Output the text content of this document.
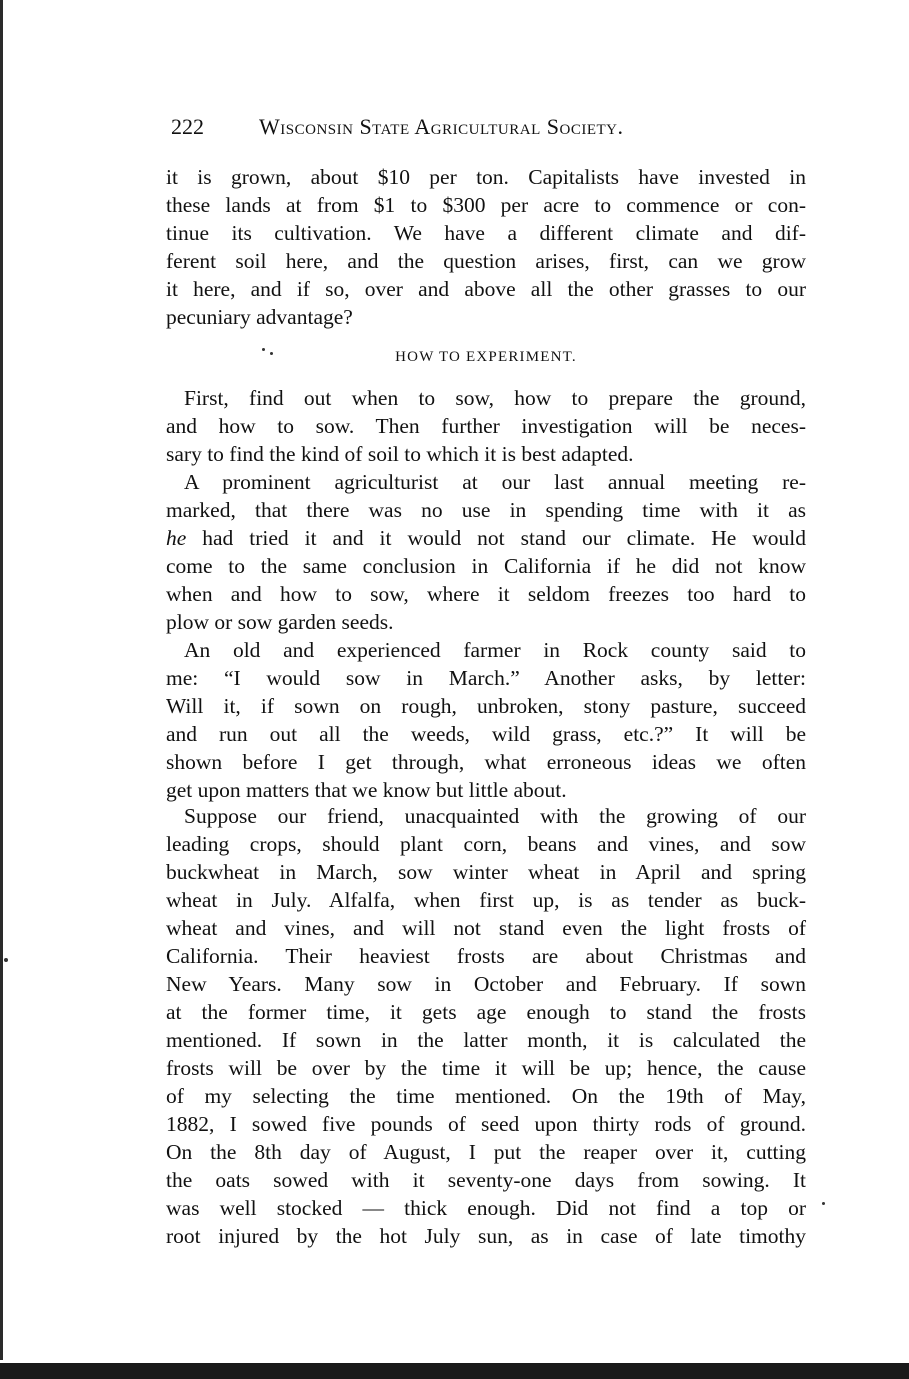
222	Wisconsin State Agricultural Society.
it is grown, about $10 per ton. Capitalists have invested in
these lands at from $1 to $300 per acre to commence or con-
tinue its cultivation. We have a different climate and dif-
ferent soil here, and the question arises, first, can we grow
it here, and if so, over and above all the other grasses to our
pecuniary advantage?
HOW TO EXPERIMENT.
First, find out when to sow, how to prepare the ground,
and how to sow. Then further investigation will be neces-
sary to find the kind of soil to which it is best adapted.
A prominent agriculturist at our last annual meeting re-
marked, that there was no use in spending time with it as
he had tried it and it would not stand our climate. He would
come to the same conclusion in California if he did not know
when and how to sow, where it seldom freezes too hard to
plow or sow garden seeds.
An old and experienced farmer in Rock county said to
me: “I would sow in March.” Another asks, by letter:
Will it, if sown on rough, unbroken, stony pasture, succeed
and run out all the weeds, wild grass, etc.?” It will be
shown before I get through, what erroneous ideas we often
get upon matters that we know but little about.
Suppose our friend, unacquainted with the growing of our
leading crops, should plant corn, beans and vines, and sow
buckwheat in March, sow winter wheat in April and spring
wheat in July. Alfalfa, when first up, is as tender as buck-
wheat and vines, and will not stand even the light frosts of
California. Their heaviest frosts are about Christmas and
New Years. Many sow in October and February. If sown
at the former time, it gets age enough to stand the frosts
mentioned. If sown in the latter month, it is calculated the
frosts will be over by the time it will be up; hence, the cause
of my selecting the time mentioned. On the 19th of May,
1882, I sowed five pounds of seed upon thirty rods of ground.
On the 8th day of August, I put the reaper over it, cutting
the oats sowed with it seventy-one days from sowing. It
was well stocked — thick enough. Did not find a top or
root injured by the hot July sun, as in case of late timothy
